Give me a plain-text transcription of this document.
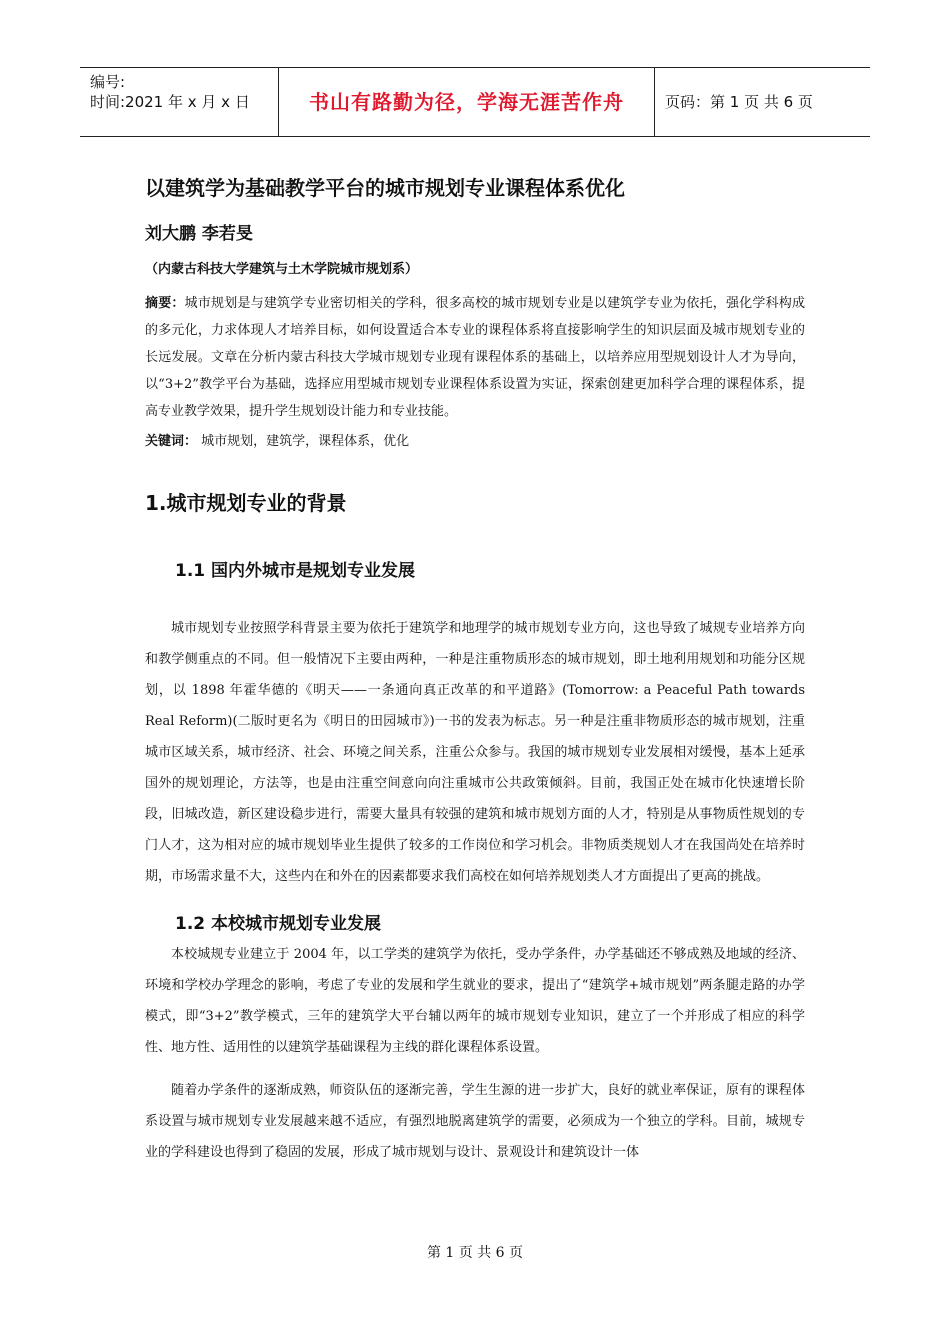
编号:
时间:2021 年 x 月 x 日	书山有路勤为径，学海无涯苦作舟	页码：第 1 页 共 6 页
以建筑学为基础教学平台的城市规划专业课程体系优化
刘大鹏 李若旻
（内蒙古科技大学建筑与土木学院城市规划系）
摘要：城市规划是与建筑学专业密切相关的学科，很多高校的城市规划专业是以建筑学专业为依托，强化学科构成的多元化，力求体现人才培养目标，如何设置适合本专业的课程体系将直接影响学生的知识层面及城市规划专业的长远发展。文章在分析内蒙古科技大学城市规划专业现有课程体系的基础上，以培养应用型规划设计人才为导向，以“3+2”教学平台为基础，选择应用型城市规划专业课程体系设置为实证，探索创建更加科学合理的课程体系，提高专业教学效果，提升学生规划设计能力和专业技能。
关键词： 城市规划，建筑学，课程体系，优化
1.城市规划专业的背景
1.1 国内外城市是规划专业发展

城市规划专业按照学科背景主要为依托于建筑学和地理学的城市规划专业方向，这也导致了城规专业培养方向和教学侧重点的不同。但一般情况下主要由两种，一种是注重物质形态的城市规划，即土地利用规划和功能分区规划，以 1898 年霍华德的《明天——一条通向真正改革的和平道路》(Tomorrow: a Peaceful Path towards Real Reform)(二版时更名为《明日的田园城市》)一书的发表为标志。另一种是注重非物质形态的城市规划，注重城市区域关系，城市经济、社会、环境之间关系，注重公众参与。我国的城市规划专业发展相对缓慢，基本上延承国外的规划理论，方法等，也是由注重空间意向向注重城市公共政策倾斜。目前，我国正处在城市化快速增长阶段，旧城改造，新区建设稳步进行，需要大量具有较强的建筑和城市规划方面的人才，特别是从事物质性规划的专门人才，这为相对应的城市规划毕业生提供了较多的工作岗位和学习机会。非物质类规划人才在我国尚处在培养时期，市场需求量不大，这些内在和外在的因素都要求我们高校在如何培养规划类人才方面提出了更高的挑战。

1.2 本校城市规划专业发展

本校城规专业建立于 2004 年，以工学类的建筑学为依托，受办学条件，办学基础还不够成熟及地域的经济、环境和学校办学理念的影响，考虑了专业的发展和学生就业的要求，提出了“建筑学+城市规划”两条腿走路的办学模式，即“3+2”教学模式，三年的建筑学大平台辅以两年的城市规划专业知识，建立了一个并形成了相应的科学性、地方性、适用性的以建筑学基础课程为主线的群化课程体系设置。

随着办学条件的逐渐成熟，师资队伍的逐渐完善，学生生源的进一步扩大，良好的就业率保证，原有的课程体系设置与城市规划专业发展越来越不适应，有强烈地脱离建筑学的需要，必须成为一个独立的学科。目前，城规专业的学科建设也得到了稳固的发展，形成了城市规划与设计、景观设计和建筑设计一体

第 1 页 共 6 页
